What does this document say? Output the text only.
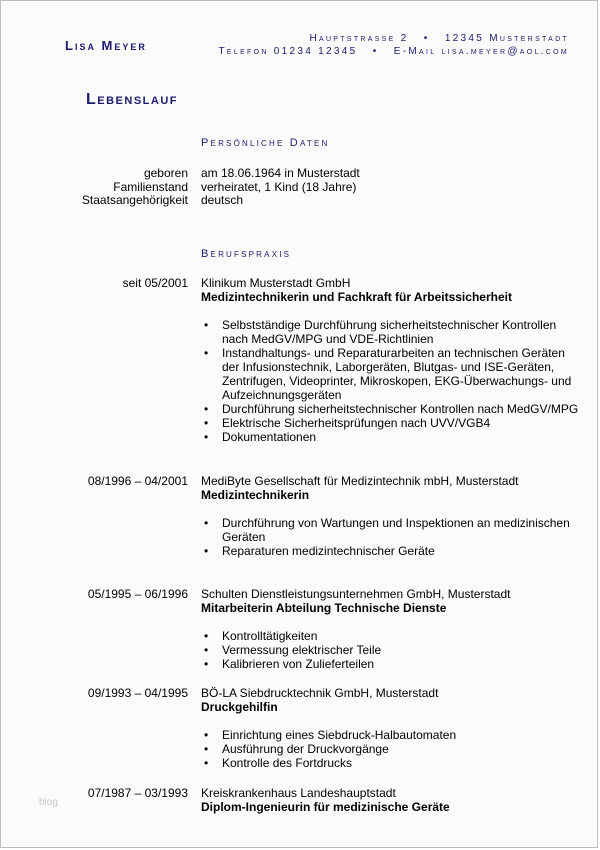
Lisa Meyer	Hauptstrasse 2   •   12345 Musterstadt
Telefon 01234 12345   •   E-Mail lisa.meyer@aol.com
Lebenslauf
Persönliche Daten
geboren am 18.06.1964 in Musterstadt
Familienstand verheiratet, 1 Kind (18 Jahre)
Staatsangehörigkeit deutsch
Berufspraxis
seit 05/2001 Klinikum Musterstadt GmbH
Medizintechnikerin und Fachkraft für Arbeitssicherheit
• Selbstständige Durchführung sicherheitstechnischer Kontrollen nach MedGV/MPG und VDE-Richtlinien
• Instandhaltungs- und Reparaturarbeiten an technischen Geräten der Infusionstechnik, Laborgeräten, Blutgas- und ISE-Geräten, Zentrifugen, Videoprinter, Mikroskopen, EKG-Überwachungs- und Aufzeichnungsgeräten
• Durchführung sicherheitstechnischer Kontrollen nach MedGV/MPG
• Elektrische Sicherheitsprüfungen nach UVV/VGB4
• Dokumentationen
08/1996 – 04/2001 MediByte Gesellschaft für Medizintechnik mbH, Musterstadt
Medizintechnikerin
• Durchführung von Wartungen und Inspektionen an medizinischen Geräten
• Reparaturen medizintechnischer Geräte
05/1995 – 06/1996 Schulten Dienstleistungsunternehmen GmbH, Musterstadt
Mitarbeiterin Abteilung Technische Dienste
• Kontrolltätigkeiten
• Vermessung elektrischer Teile
• Kalibrieren von Zulieferteilen
09/1993 – 04/1995 BÖ-LA Siebdrucktechnik GmbH, Musterstadt
Druckgehilfin
• Einrichtung eines Siebdruck-Halbautomaten
• Ausführung der Druckvorgänge
• Kontrolle des Fortdrucks
07/1987 – 03/1993 Kreiskrankenhaus Landeshauptstadt
Diplom-Ingenieurin für medizinische Geräte
blog
